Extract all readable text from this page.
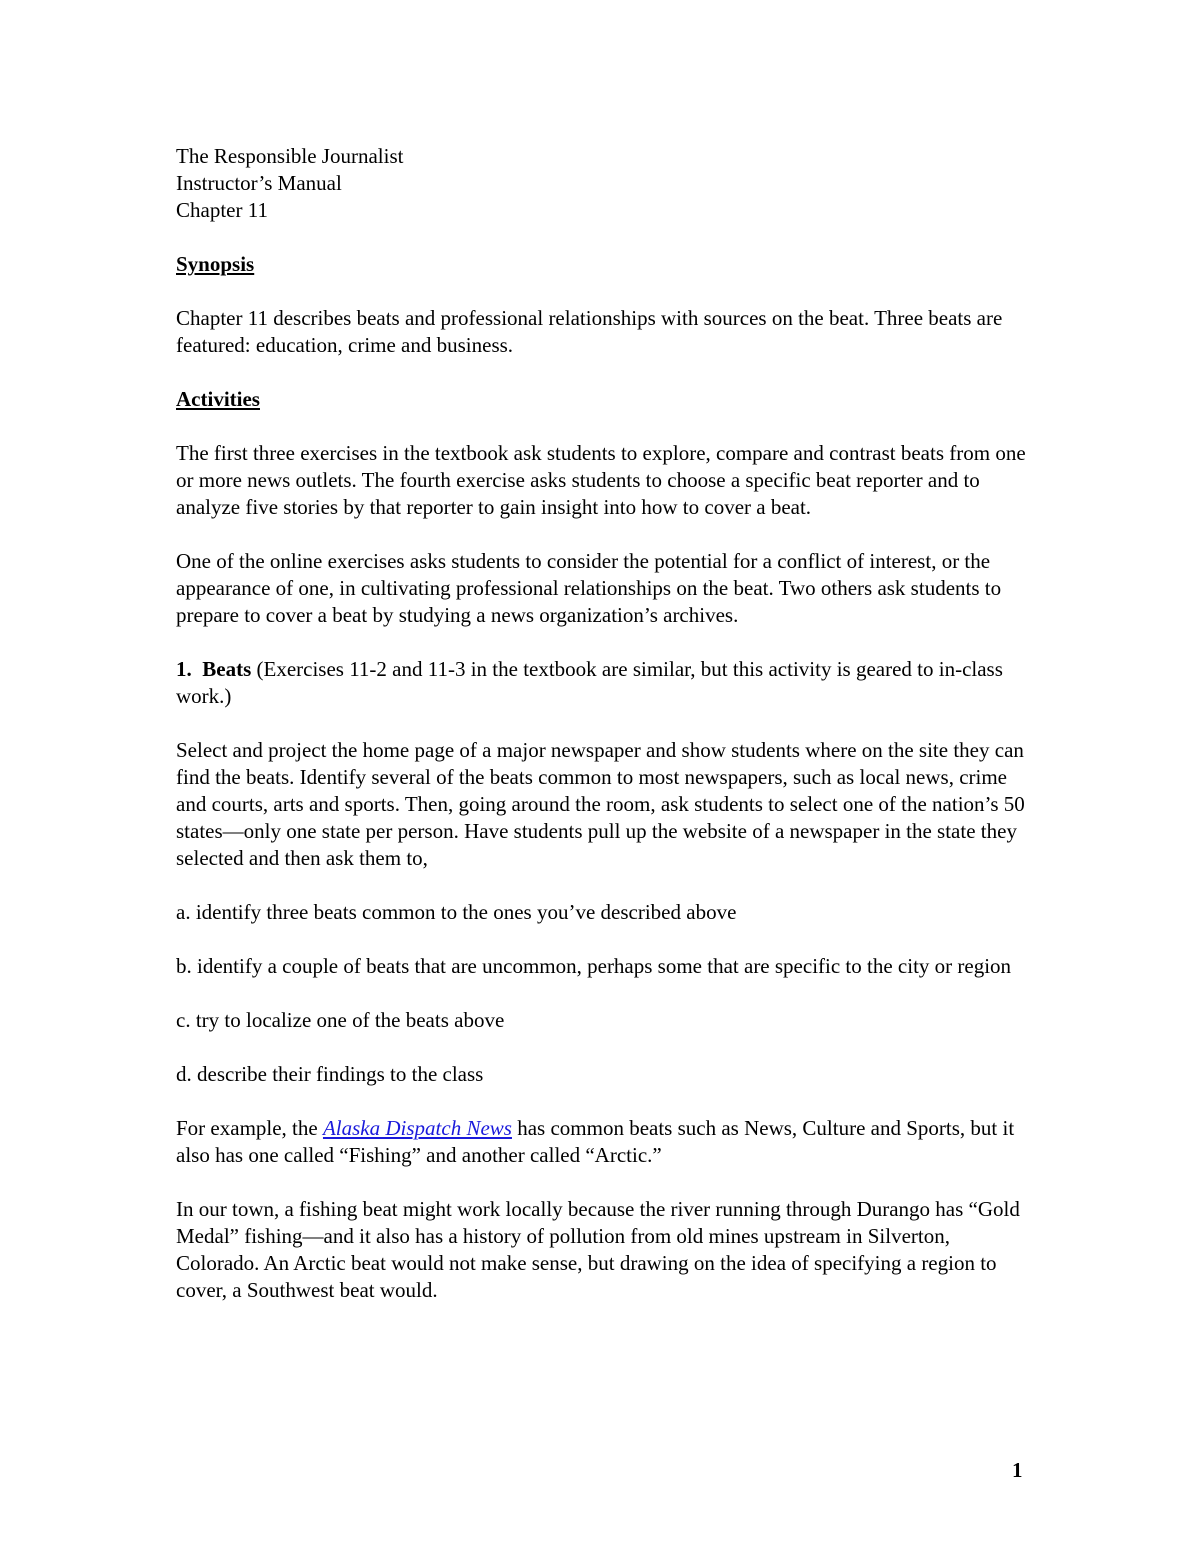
The Responsible Journalist
Instructor’s Manual
Chapter 11
Synopsis

Chapter 11 describes beats and professional relationships with sources on the beat. Three beats are featured: education, crime and business.

Activities

The first three exercises in the textbook ask students to explore, compare and contrast beats from one or more news outlets. The fourth exercise asks students to choose a specific beat reporter and to analyze five stories by that reporter to gain insight into how to cover a beat.

One of the online exercises asks students to consider the potential for a conflict of interest, or the appearance of one, in cultivating professional relationships on the beat. Two others ask students to prepare to cover a beat by studying a news organization’s archives.

1. Beats (Exercises 11-2 and 11-3 in the textbook are similar, but this activity is geared to in-class work.)

Select and project the home page of a major newspaper and show students where on the site they can find the beats. Identify several of the beats common to most newspapers, such as local news, crime and courts, arts and sports. Then, going around the room, ask students to select one of the nation’s 50 states—only one state per person. Have students pull up the website of a newspaper in the state they selected and then ask them to,

a. identify three beats common to the ones you’ve described above

b. identify a couple of beats that are uncommon, perhaps some that are specific to the city or region

c. try to localize one of the beats above

d. describe their findings to the class

For example, the Alaska Dispatch News has common beats such as News, Culture and Sports, but it also has one called “Fishing” and another called “Arctic.”

In our town, a fishing beat might work locally because the river running through Durango has “Gold Medal” fishing—and it also has a history of pollution from old mines upstream in Silverton, Colorado. An Arctic beat would not make sense, but drawing on the idea of specifying a region to cover, a Southwest beat would.

1
